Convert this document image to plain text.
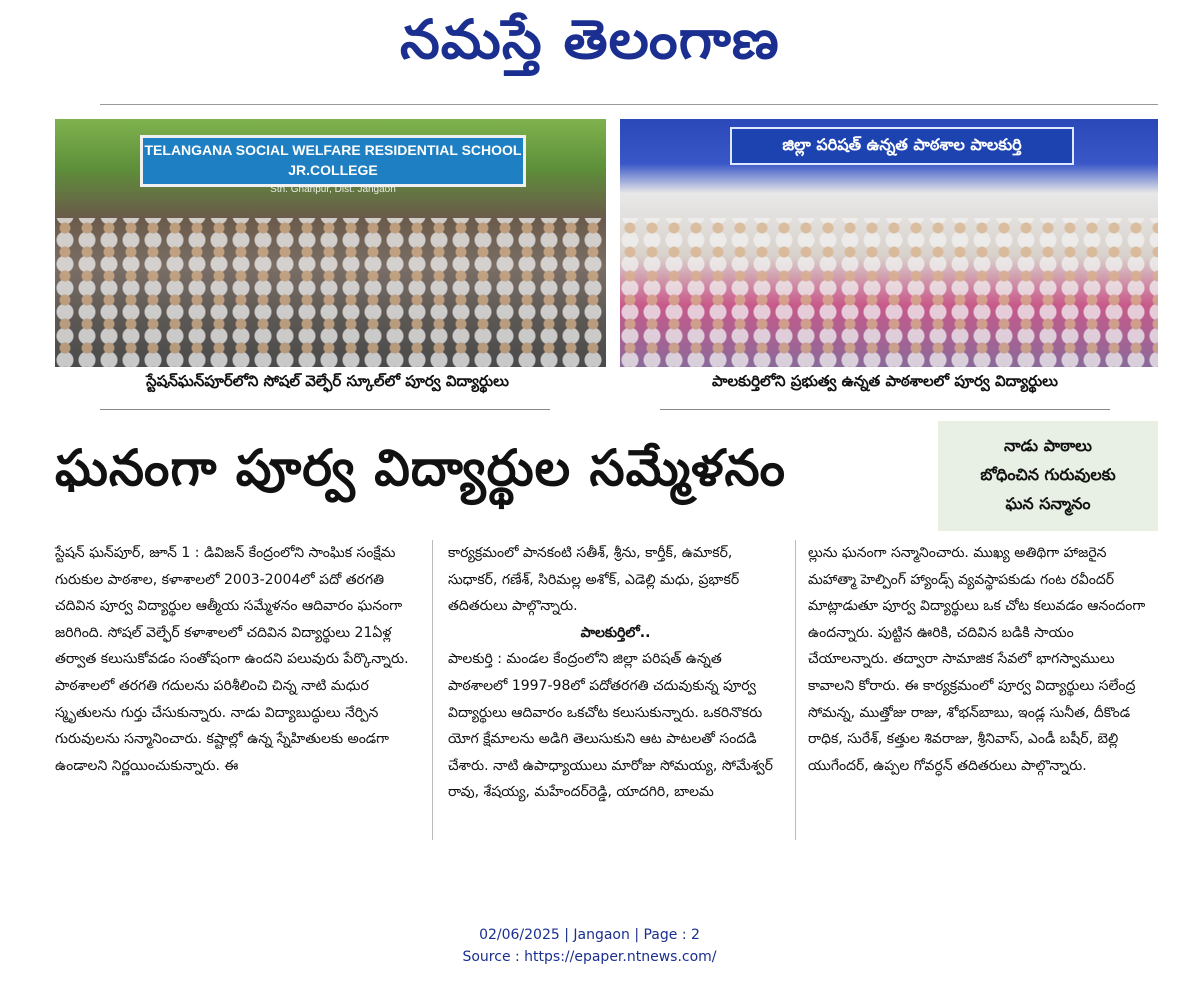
నమస్తే తెలంగాణ
TELANGANA SOCIAL WELFARE RESIDENTIAL SCHOOL JR.COLLEGE
Stn. Ghanpur, Dist. Jangaon
జిల్లా పరిషత్ ఉన్నత పాఠశాల పాలకుర్తి
స్టేషన్‌ఘన్‌పూర్‌లోని సోషల్ వెల్ఫేర్ స్కూల్‌లో పూర్వ విద్యార్థులు	పాలకుర్తిలోని ప్రభుత్వ ఉన్నత పాఠశాలలో పూర్వ విద్యార్థులు
ఘనంగా పూర్వ విద్యార్థుల సమ్మేళనం	నాడు పాఠాలు
బోధించిన గురువులకు
ఘన సన్మానం

స్టేషన్ ఘన్‌పూర్, జూన్ 1 : డివిజన్ కేంద్రంలోని సాంఘిక సంక్షేమ గురుకుల పాఠశాల, కళాశాలలో 2003-2004లో పదో తరగతి చదివిన పూర్వ విద్యార్థుల ఆత్మీయ సమ్మేళనం ఆదివారం ఘనంగా జరిగింది. సోషల్ వెల్ఫేర్ కళాశాలలో చదివిన విద్యార్థులు 21ఏళ్ల తర్వాత కలుసుకోవడం సంతోషంగా ఉందని పలువురు పేర్కొన్నారు. పాఠశాలలో తరగతి గదులను పరిశీలించి చిన్న నాటి మధుర స్మృతులను గుర్తు చేసుకున్నారు. నాడు విద్యాబుద్ధులు నేర్పిన గురువులను సన్మానించారు. కష్టాల్లో ఉన్న స్నేహితులకు అండగా ఉండాలని నిర్ణయించుకున్నారు. ఈ

కార్యక్రమంలో పానకంటి సతీశ్, శ్రీను, కార్తీక్, ఉమాకర్, సుధాకర్, గణేశ్, సిరిమల్ల అశోక్, ఎడెల్లి మధు, ప్రభాకర్ తదితరులు పాల్గొన్నారు.

పాలకుర్తిలో..

పాలకుర్తి : మండల కేంద్రంలోని జిల్లా పరిషత్ ఉన్నత పాఠశాలలో 1997-98లో పదోతరగతి చదువుకున్న పూర్వ విద్యార్థులు ఆదివారం ఒకచోట కలుసుకున్నారు. ఒకరినొకరు యోగ క్షేమాలను అడిగి తెలుసుకుని ఆట పాటలతో సందడి చేశారు. నాటి ఉపాధ్యాయులు మారోజు సోమయ్య, సోమేశ్వర్ రావు, శేషయ్య, మహేందర్‌రెడ్డి, యాదగిరి, బాలమ

ల్లును ఘనంగా సన్మానించారు. ముఖ్య అతిథిగా హాజరైన మహాత్మా హెల్పింగ్ హ్యాండ్స్ వ్యవస్థాపకుడు గంట రవీందర్ మాట్లాడుతూ పూర్వ విద్యార్థులు ఒక చోట కలువడం ఆనందంగా ఉందన్నారు. పుట్టిన ఊరికి, చదివిన బడికి సాయం చేయాలన్నారు. తద్వారా సామాజిక సేవలో భాగస్వాములు కావాలని కోరారు. ఈ కార్యక్రమంలో పూర్వ విద్యార్థులు సలేంద్ర సోమన్న, ముత్తోజు రాజు, శోభన్‌బాబు, ఇండ్ల సునీత, దీకొండ రాధిక, సురేశ్, కత్తుల శివరాజు, శ్రీనివాస్, ఎండీ బషీర్, బెల్లి యుగేందర్, ఉప్పల గోవర్ధన్ తదితరులు పాల్గొన్నారు.

02/06/2025 | Jangaon | Page : 2
Source : https://epaper.ntnews.com/
